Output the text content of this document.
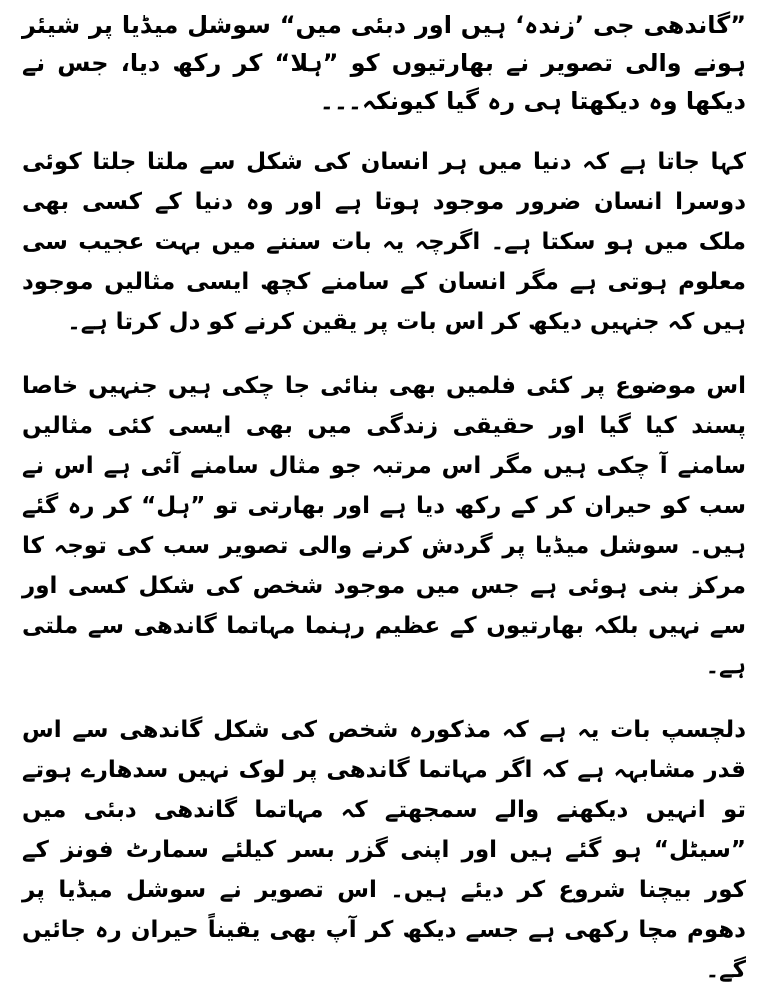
”گاندھی جی ’زندہ‘ ہیں اور دبئی میں“ سوشل میڈیا پر شیئر ہونے والی تصویر نے بھارتیوں کو ”ہلا“ کر رکھ دیا، جس نے دیکھا وہ دیکھتا ہی رہ گیا کیونکہ۔۔۔

کہا جاتا ہے کہ دنیا میں ہر انسان کی شکل سے ملتا جلتا کوئی دوسرا انسان ضرور موجود ہوتا ہے اور وہ دنیا کے کسی بھی ملک میں ہو سکتا ہے۔ اگرچہ یہ بات سننے میں بہت عجیب سی معلوم ہوتی ہے مگر انسان کے سامنے کچھ ایسی مثالیں موجود ہیں کہ جنہیں دیکھ کر اس بات پر یقین کرنے کو دل کرتا ہے۔

اس موضوع پر کئی فلمیں بھی بنائی جا چکی ہیں جنہیں خاصا پسند کیا گیا اور حقیقی زندگی میں بھی ایسی کئی مثالیں سامنے آ چکی ہیں مگر اس مرتبہ جو مثال سامنے آئی ہے اس نے سب کو حیران کر کے رکھ دیا ہے اور بھارتی تو ”ہل“ کر رہ گئے ہیں۔ سوشل میڈیا پر گردش کرنے والی تصویر سب کی توجہ کا مرکز بنی ہوئی ہے جس میں موجود شخص کی شکل کسی اور سے نہیں بلکہ بھارتیوں کے عظیم رہنما مہاتما گاندھی سے ملتی ہے۔

دلچسپ بات یہ ہے کہ مذکورہ شخص کی شکل گاندھی سے اس قدر مشابہہ ہے کہ اگر مہاتما گاندھی پر لوک نہیں سدھارے ہوتے تو انہیں دیکھنے والے سمجھتے کہ مہاتما گاندھی دبئی میں ”سیٹل“ ہو گئے ہیں اور اپنی گزر بسر کیلئے سمارٹ فونز کے کور بیچنا شروع کر دیئے ہیں۔ اس تصویر نے سوشل میڈیا پر دھوم مچا رکھی ہے جسے دیکھ کر آپ بھی یقیناً حیران رہ جائیں گے۔
